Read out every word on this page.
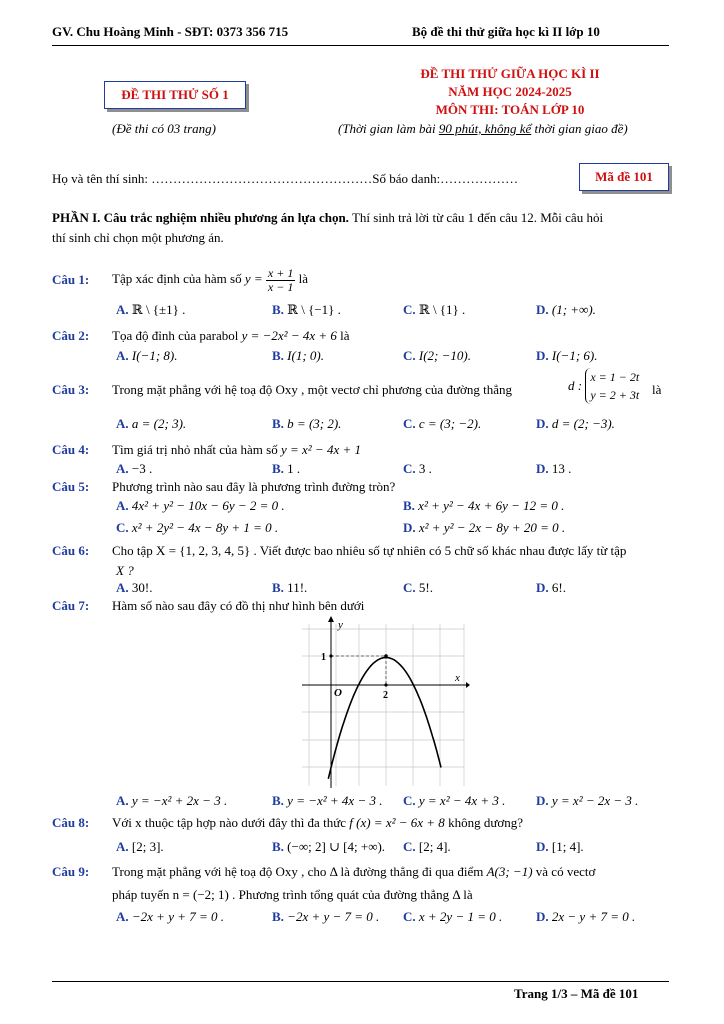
GV. Chu Hoàng Minh - SĐT: 0373 356 715	Bộ đề thi thử giữa học kì II lớp 10
ĐỀ THI THỬ SỐ 1
(Đề thi có 03 trang)
ĐỀ THI THỬ GIỮA HỌC KÌ II
NĂM HỌC 2024-2025
MÔN THI: TOÁN LỚP 10
(Thời gian làm bài 90 phút, không kể thời gian giao đề)
Họ và tên thí sinh: ……………………………………………Số báo danh:………………	Mã đề 101
PHẦN I. Câu trắc nghiệm nhiều phương án lựa chọn. Thí sinh trả lời từ câu 1 đến câu 12. Mỗi câu hỏi
thí sinh chỉ chọn một phương án.
Câu 1: Tập xác định của hàm số $y = \frac{x + 1}{x - 1}$ là
A. ℝ \ {±1} .	B. ℝ \ {−1} .	C. ℝ \ {1} .	D. (1; +∞).
Câu 2: Tọa độ đỉnh của parabol y = −2x² − 4x + 6 là
A. I(−1; 8).	B. I(1; 0).	C. I(2; −10).	D. I(−1; 6).
Câu 3: Trong mặt phẳng với hệ toạ độ Oxy , một vectơ chỉ phương của đường thẳng	d :
x = 1 − 2t
y = 2 + 3t là
A. a = (2; 3).	B. b = (3; 2).	C. c = (3; −2).	D. d = (2; −3).
Câu 4: Tìm giá trị nhỏ nhất của hàm số y = x² − 4x + 1
A. −3 .	B. 1 .	C. 3 .	D. 13 .
Câu 5: Phương trình nào sau đây là phương trình đường tròn?
A. 4x² + y² − 10x − 6y − 2 = 0 .	B. x² + y² − 4x + 6y − 12 = 0 .
C. x² + 2y² − 4x − 8y + 1 = 0 .	D. x² + y² − 2x − 8y + 20 = 0 .
Câu 6: Cho tập X = {1, 2, 3, 4, 5} . Viết được bao nhiêu số tự nhiên có 5 chữ số khác nhau được lấy từ tập
X ?
A. 30!.	B. 11!.	C. 5!.	D. 6!.
Câu 7: Hàm số nào sau đây có đồ thị như hình bên dưới
y
x
O	2
1
A. y = −x² + 2x − 3 .	B. y = −x² + 4x − 3 . C. y = x² − 4x + 3 . D. y = x² − 2x − 3 .
Câu 8: Với x thuộc tập hợp nào dưới đây thì đa thức f (x) = x² − 6x + 8 không dương?
A. [2; 3].	B. (−∞; 2] ∪ [4; +∞). C. [2; 4].	D. [1; 4].
Câu 9: Trong mặt phẳng với hệ toạ độ Oxy , cho Δ là đường thẳng đi qua điểm A(3; −1) và có vectơ
pháp tuyến n = (−2; 1) . Phương trình tổng quát của đường thẳng Δ là
A. −2x + y + 7 = 0 .	B. −2x + y − 7 = 0 . C. x + 2y − 1 = 0 .	D. 2x − y + 7 = 0 .
Trang 1/3 – Mã đề 101
